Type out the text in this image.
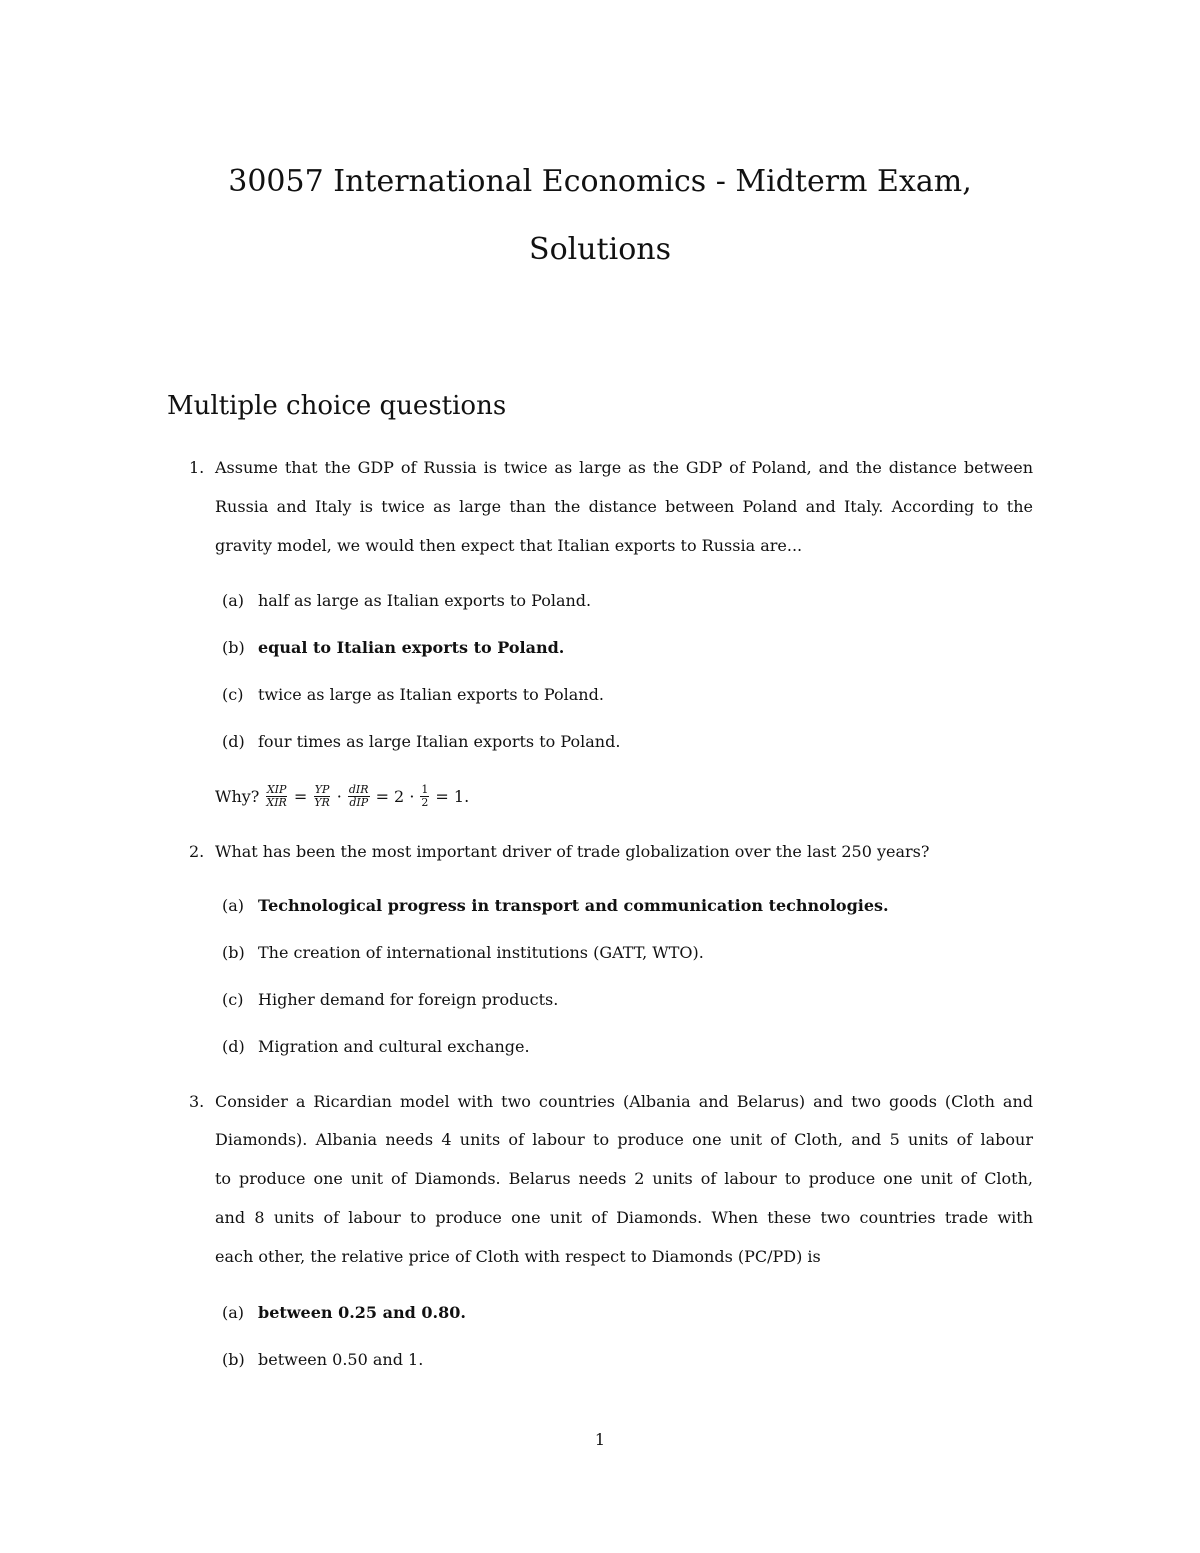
30057 International Economics - Midterm Exam,
Solutions
Multiple choice questions
1. Assume that the GDP of Russia is twice as large as the GDP of Poland, and the distance between
Russia and Italy is twice as large than the distance between Poland and Italy. According to the
gravity model, we would then expect that Italian exports to Russia are...
(a) half as large as Italian exports to Poland.
(b) equal to Italian exports to Poland.
(c) twice as large as Italian exports to Poland.
(d) four times as large Italian exports to Poland.
Why? $\frac{\text{XIP}}{\text{XIR}} = \frac{YP}{YR} \cdot \frac{\text{dIR}}{\text{dIP}} = 2 \cdot \frac{1}{2} = 1$.
2. What has been the most important driver of trade globalization over the last 250 years?
(a) Technological progress in transport and communication technologies.
(b) The creation of international institutions (GATT, WTO).
(c) Higher demand for foreign products.
(d) Migration and cultural exchange.
3. Consider a Ricardian model with two countries (Albania and Belarus) and two goods (Cloth and
Diamonds). Albania needs 4 units of labour to produce one unit of Cloth, and 5 units of labour
to produce one unit of Diamonds. Belarus needs 2 units of labour to produce one unit of Cloth,
and 8 units of labour to produce one unit of Diamonds. When these two countries trade with
each other, the relative price of Cloth with respect to Diamonds (PC/PD) is
(a) between 0.25 and 0.80.
(b) between 0.50 and 1.
1
